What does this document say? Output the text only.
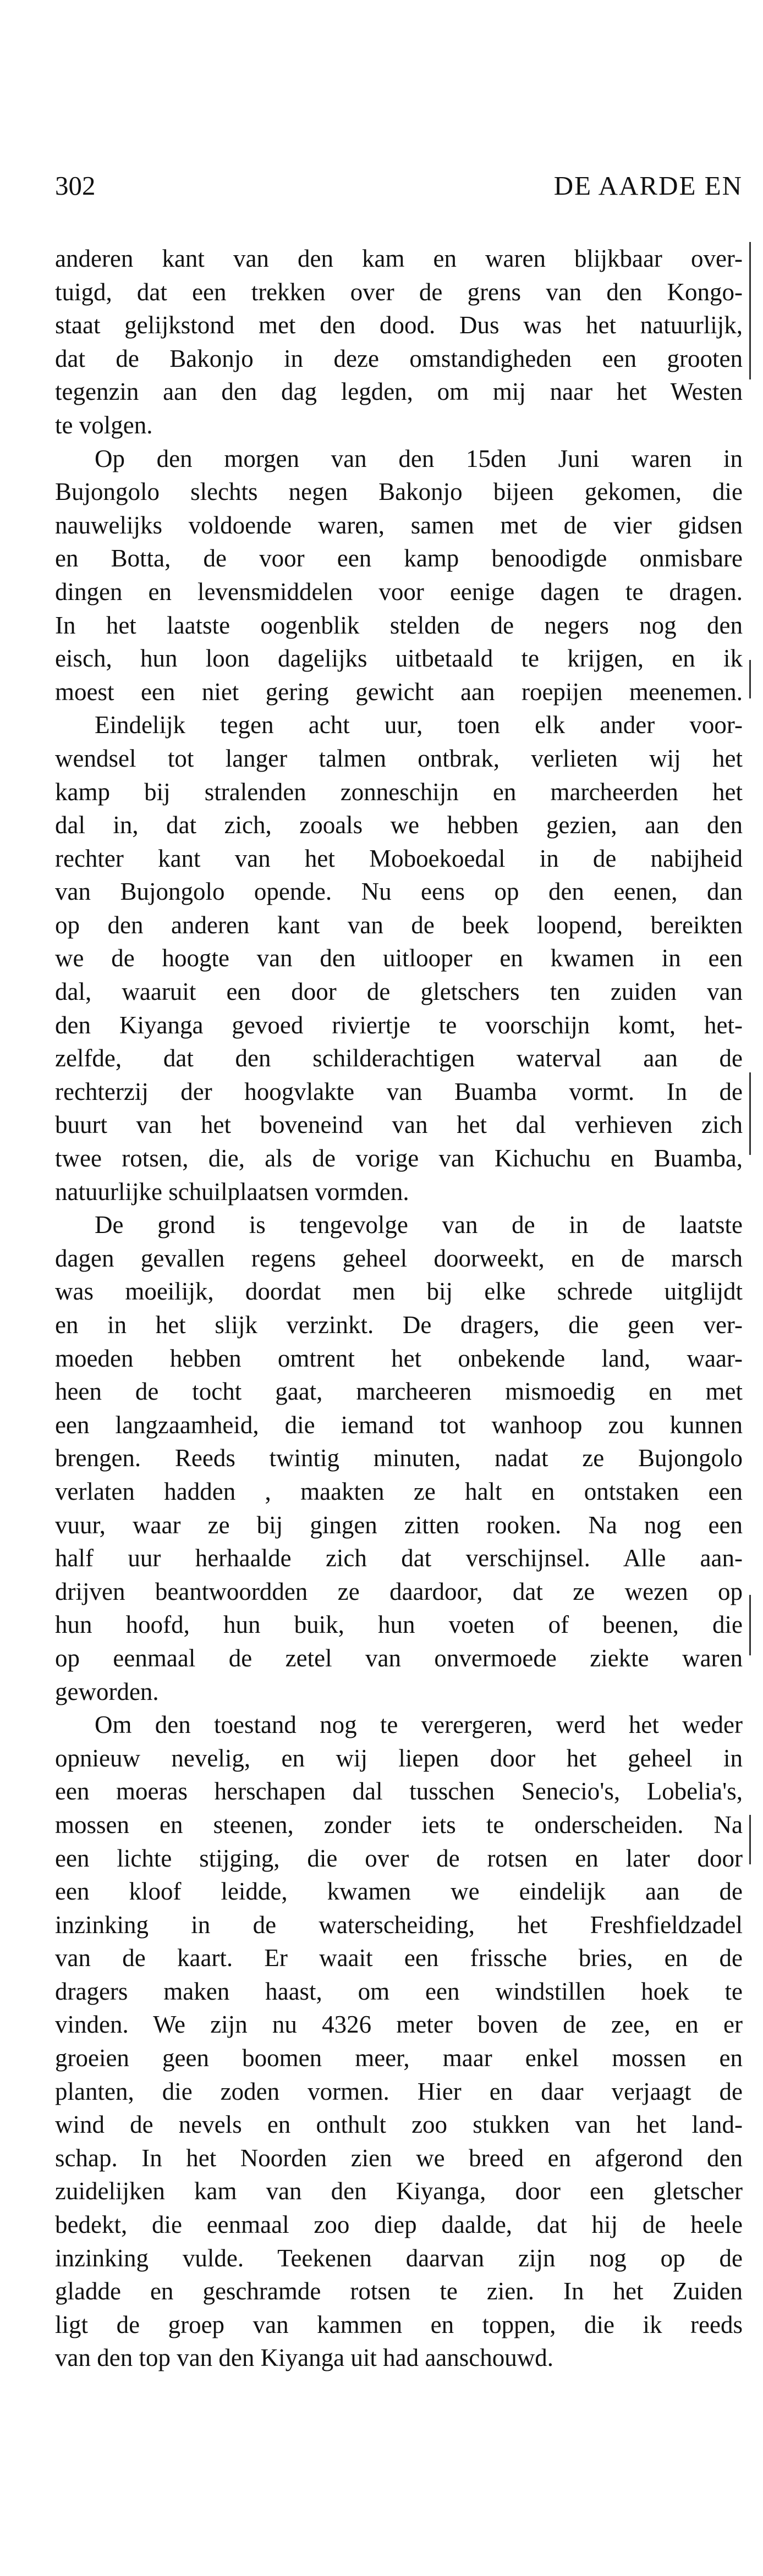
302	DE AARDE EN
anderen kant van den kam en waren blijkbaar over-
tuigd, dat een trekken over de grens van den Kongo-
staat gelijkstond met den dood. Dus was het natuurlijk,
dat de Bakonjo in deze omstandigheden een grooten
tegenzin aan den dag legden, om mij naar het Westen
te volgen.
Op den morgen van den 15den Juni waren in
Bujongolo slechts negen Bakonjo bijeen gekomen, die
nauwelijks voldoende waren, samen met de vier gidsen
en Botta, de voor een kamp benoodigde onmisbare
dingen en levensmiddelen voor eenige dagen te dragen.
In het laatste oogenblik stelden de negers nog den
eisch, hun loon dagelijks uitbetaald te krijgen, en ik
moest een niet gering gewicht aan roepijen meenemen.
Eindelijk tegen acht uur, toen elk ander voor-
wendsel tot langer talmen ontbrak, verlieten wij het
kamp bij stralenden zonneschijn en marcheerden het
dal in, dat zich, zooals we hebben gezien, aan den
rechter kant van het Moboekoedal in de nabijheid
van Bujongolo opende. Nu eens op den eenen, dan
op den anderen kant van de beek loopend, bereikten
we de hoogte van den uitlooper en kwamen in een
dal, waaruit een door de gletschers ten zuiden van
den Kiyanga gevoed riviertje te voorschijn komt, het-
zelfde, dat den schilderachtigen waterval aan de
rechterzij der hoogvlakte van Buamba vormt. In de
buurt van het boveneind van het dal verhieven zich
twee rotsen, die, als de vorige van Kichuchu en Buamba,
natuurlijke schuilplaatsen vormden.
De grond is tengevolge van de in de laatste
dagen gevallen regens geheel doorweekt, en de marsch
was moeilijk, doordat men bij elke schrede uitglijdt
en in het slijk verzinkt. De dragers, die geen ver-
moeden hebben omtrent het onbekende land, waar-
heen de tocht gaat, marcheeren mismoedig en met
een langzaamheid, die iemand tot wanhoop zou kunnen
brengen. Reeds twintig minuten, nadat ze Bujongolo
verlaten hadden , maakten ze halt en ontstaken een
vuur, waar ze bij gingen zitten rooken. Na nog een
half uur herhaalde zich dat verschijnsel. Alle aan-
drijven beantwoordden ze daardoor, dat ze wezen op
hun hoofd, hun buik, hun voeten of beenen, die
op eenmaal de zetel van onvermoede ziekte waren
geworden.
Om den toestand nog te verergeren, werd het weder
opnieuw nevelig, en wij liepen door het geheel in
een moeras herschapen dal tusschen Senecio's, Lobelia's,
mossen en steenen, zonder iets te onderscheiden. Na
een lichte stijging, die over de rotsen en later door
een kloof leidde, kwamen we eindelijk aan de
inzinking in de waterscheiding, het Freshfieldzadel
van de kaart. Er waait een frissche bries, en de
dragers maken haast, om een windstillen hoek te
vinden. We zijn nu 4326 meter boven de zee, en er
groeien geen boomen meer, maar enkel mossen en
planten, die zoden vormen. Hier en daar verjaagt de
wind de nevels en onthult zoo stukken van het land-
schap. In het Noorden zien we breed en afgerond den
zuidelijken kam van den Kiyanga, door een gletscher
bedekt, die eenmaal zoo diep daalde, dat hij de heele
inzinking vulde. Teekenen daarvan zijn nog op de
gladde en geschramde rotsen te zien. In het Zuiden
ligt de groep van kammen en toppen, die ik reeds
van den top van den Kiyanga uit had aanschouwd.
